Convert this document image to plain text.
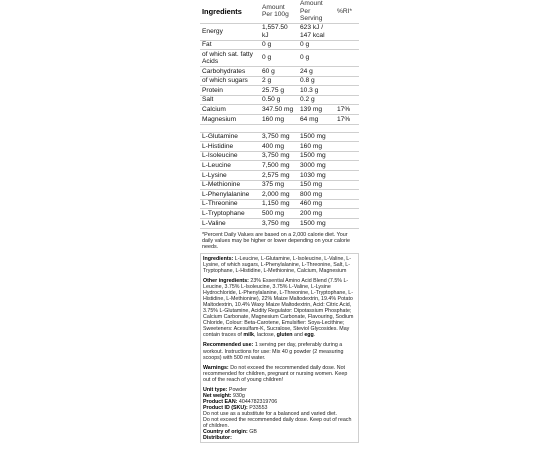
Ingredients	Amount Per 100g	Amount Per Serving	%RI*
Energy	1,557.50 kJ	623 kJ / 147 kcal	
Fat	0 g	0 g	
of which sat. fatty Acids	0 g	0 g	
Carbohydrates	60 g	24 g	
of which sugars	2 g	0.8 g	
Protein	25.75 g	10.3 g	
Salt	0.50 g	0.2 g	
Calcium	347.50 mg	139 mg	17%
Magnesium	160 mg	64 mg	17%
L-Glutamine	3,750 mg	1500 mg	
L-Histidine	400 mg	160 mg	
L-Isoleucine	3,750 mg	1500 mg	
L-Leucine	7,500 mg	3000 mg	
L-Lysine	2,575 mg	1030 mg	
L-Methionine	375 mg	150 mg	
L-Phenylalanine	2,000 mg	800 mg	
L-Threonine	1,150 mg	460 mg	
L-Tryptophane	500 mg	200 mg	
L-Valine	3,750 mg	1500 mg	
*Percent Daily Values are based on a 2,000 calorie diet. Your daily values may be higher or lower depending on your calorie needs.

Ingredients: L-Leucine, L-Glutamine, L-Isoleucine, L-Valine, L-Lysine, of which sugars, L-Phenylalanine, L-Threonine, Salt, L-Tryptophane, L-Histidine, L-Methionine, Calcium, Magnesium

Other ingredients: 23% Essential Amino Acid Blend (7.5% L-Leucine, 3.75% L-Isoleucine, 3.75% L-Valine, L-Lysine Hydrochloride, L-Phenylalanine, L-Threonine, L-Tryptophane, L-Histidine, L-Methionine), 22% Maize Maltodextrin, 19.4% Potato Maltodextrin, 10.4% Waxy Maize Maltodextrin, Acid: Citric Acid, 3.75% L-Glutamine, Acidity Regulator: Dipotassium Phosphate; Calcium Carbonate, Magnesium Carbonate, Flavouring, Sodium Chloride, Colour: Beta-Carotene, Emulsifier: Soya-Lecithine; Sweeteners: Acesulfam-K, Sucralose, Steviol Glycosides. May contain traces of milk, lactose, gluten and egg.

Recommended use: 1 serving per day, preferably during a workout. Instructions for use: Mix 40 g powder (2 measuring scoops) with 500 ml water.

Warnings: Do not exceed the recommended daily dose. Not recommended for children, pregnant or nursing women. Keep out of the reach of young children!

Unit type: Powder

Net weight: 930g

Product EAN: 4044782319706

Product ID (SKU): P33553

Do not use as a substitute for a balanced and varied diet.

Do not exceed the recommended daily dose. Keep out of reach of children.

Country of origin: GB

Distributor:
